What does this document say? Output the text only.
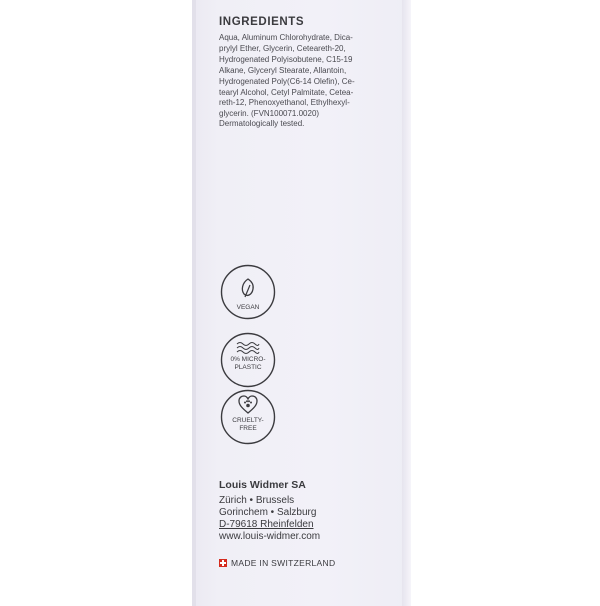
INGREDIENTS
Aqua, Aluminum Chlorohydrate, Dica-
prylyl Ether, Glycerin, Ceteareth-20,
Hydrogenated Polyisobutene, C15-19
Alkane, Glyceryl Stearate, Allantoin,
Hydrogenated Poly(C6-14 Olefin), Ce-
tearyl Alcohol, Cetyl Palmitate, Cetea-
reth-12, Phenoxyethanol, Ethylhexyl-
glycerin. (FVN100071.0020)
Dermatologically tested.
VEGAN
0% MICRO-
PLASTIC
CRUELTY-
FREE
Louis Widmer SA
Zürich • Brussels
Gorinchem • Salzburg
D-79618 Rheinfelden
www.louis-widmer.com
MADE IN SWITZERLAND
